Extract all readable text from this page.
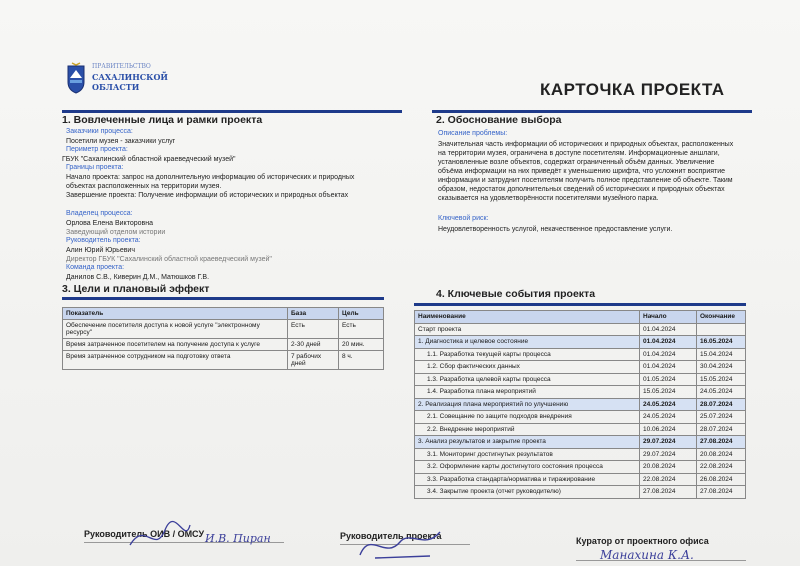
ПРАВИТЕЛЬСТВО
САХАЛИНСКОЙ
ОБЛАСТИ	КАРТОЧКА ПРОЕКТА
1. Вовлеченные лица и рамки проекта
Заказчики процесса:
Посетили музея - заказчики услуг
Периметр проекта:
ГБУК "Сахалинский областной краеведческий музей"
Границы проекта:
Начало проекта: запрос на дополнительную информацию об исторических и природных объектах расположенных на территории музея.
Завершение проекта: Получение информации об исторических и природных объектах
Владелец процесса:
Орлова Елена Викторовна
Заведующий отделом истории
Руководитель проекта:
Алин Юрий Юрьевич
Директор ГБУК "Сахалинский областной краеведческий музей"
Команда проекта:
Данилов С.В., Киверин Д.М., Матюшков Г.В.
2. Обоснование выбора
Описание проблемы:
Значительная часть информации об исторических и природных объектах, расположенных на территории музея, ограничена в доступе посетителям. Информационные аншлаги, установленные возле объектов, содержат ограниченный объём данных. Увеличение объёма информации на них приведёт к уменьшению шрифта, что усложнит восприятие информации и затруднит посетителям получить полное представление об объекте. Таким образом, недостаток дополнительных сведений об исторических и природных объектах сказывается на удовлетворённости посетителями музейного парка.
Ключевой риск:
Неудовлетворенность услугой, некачественное предоставление услуги.
3. Цели и плановый эффект
Показатель	База	Цель
Обеспечение посетителя доступа к новой услуге "электронному ресурсу"	Есть	Есть
Время затраченное посетителем на получение доступа к услуге	2-30 дней	20 мин.
Время затраченное сотрудником на подготовку ответа	7 рабочих дней	8 ч.
4. Ключевые события проекта
Наименование	Начало	Окончание
Старт проекта	01.04.2024	
1. Диагностика и целевое состояние	01.04.2024	16.05.2024
1.1. Разработка текущей карты процесса	01.04.2024	15.04.2024
1.2. Сбор фактических данных	01.04.2024	30.04.2024
1.3. Разработка целевой карты процесса	01.05.2024	15.05.2024
1.4. Разработка плана мероприятий	15.05.2024	24.05.2024
2. Реализация плана мероприятий по улучшению	24.05.2024	28.07.2024
2.1. Совещание по защите подходов внедрения	24.05.2024	25.07.2024
2.2. Внедрение мероприятий	10.06.2024	28.07.2024
3. Анализ результатов и закрытие проекта	29.07.2024	27.08.2024
3.1. Мониторинг достигнутых результатов	29.07.2024	20.08.2024
3.2. Оформление карты достигнутого состояния процесса	20.08.2024	22.08.2024
3.3. Разработка стандарта/норматива и тиражирование	22.08.2024	26.08.2024
3.4. Закрытие проекта (отчет руководителю)	27.08.2024	27.08.2024
Руководитель ОИВ / ОМСУ И.В. Пиран	Руководитель проекта	Куратор от проектного офиса
Манахина К.А.
